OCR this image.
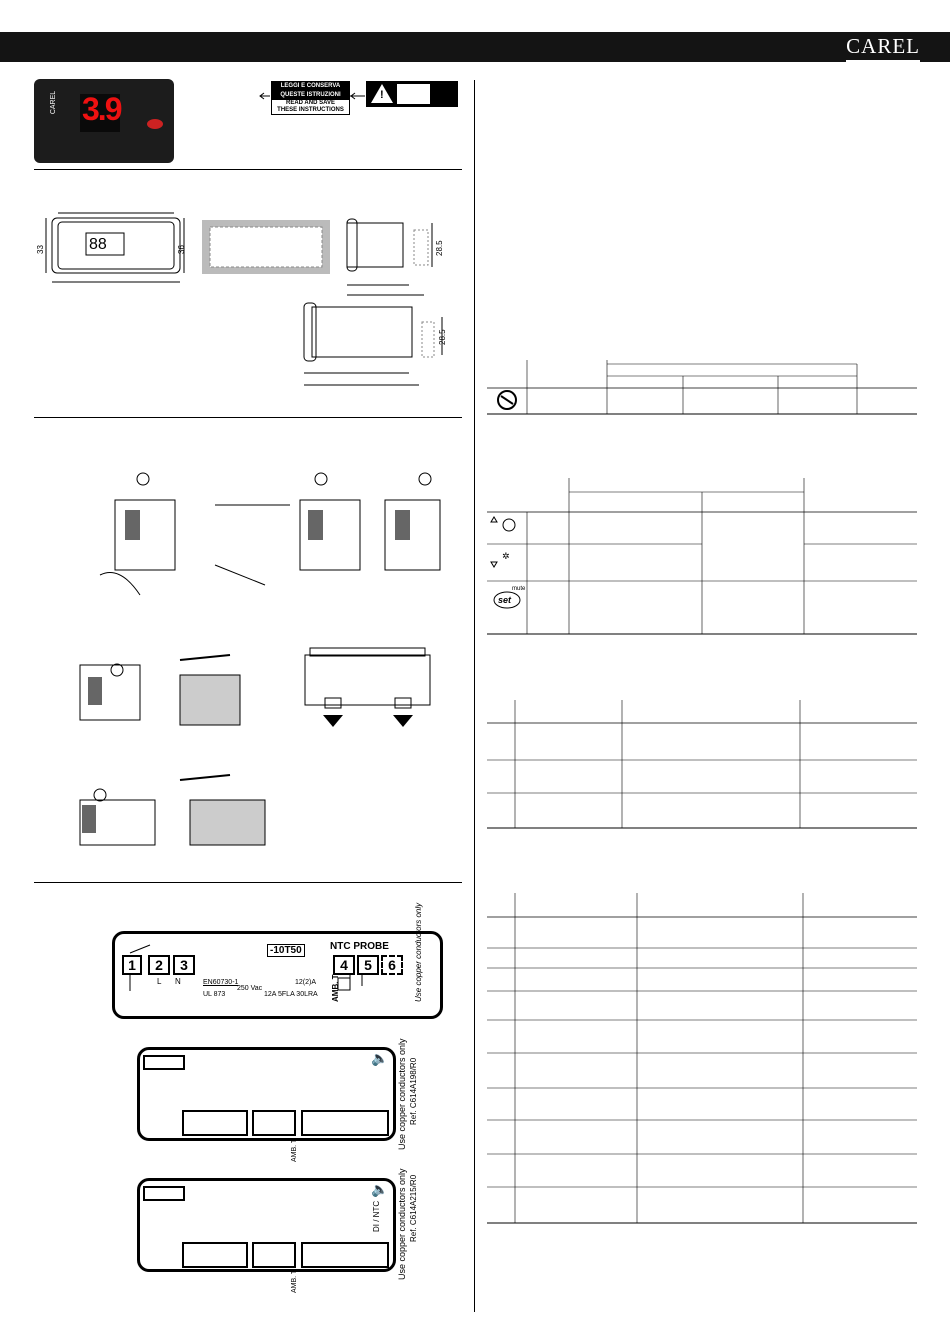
CAREL
3.9
CAREL
LEGGI E CONSERVA
QUESTE ISTRUZIONI
READ AND SAVE
THESE INSTRUCTIONS
!
88
33	36	28.5
28.5
1	2	3	4	5	6
-10T50	NTC PROBE
EN60730-1
UL 873
250 Vac
12(2)A
12A 5FLA 30LRA
L N	AMB. T	Use copper conductors only
Use copper conductors only Ref. C614A198/R0
AMB. T
🔈
Use copper conductors only Ref. C614A215/R0
DI / NTC
AMB. T
🔈
✲
set
mute
